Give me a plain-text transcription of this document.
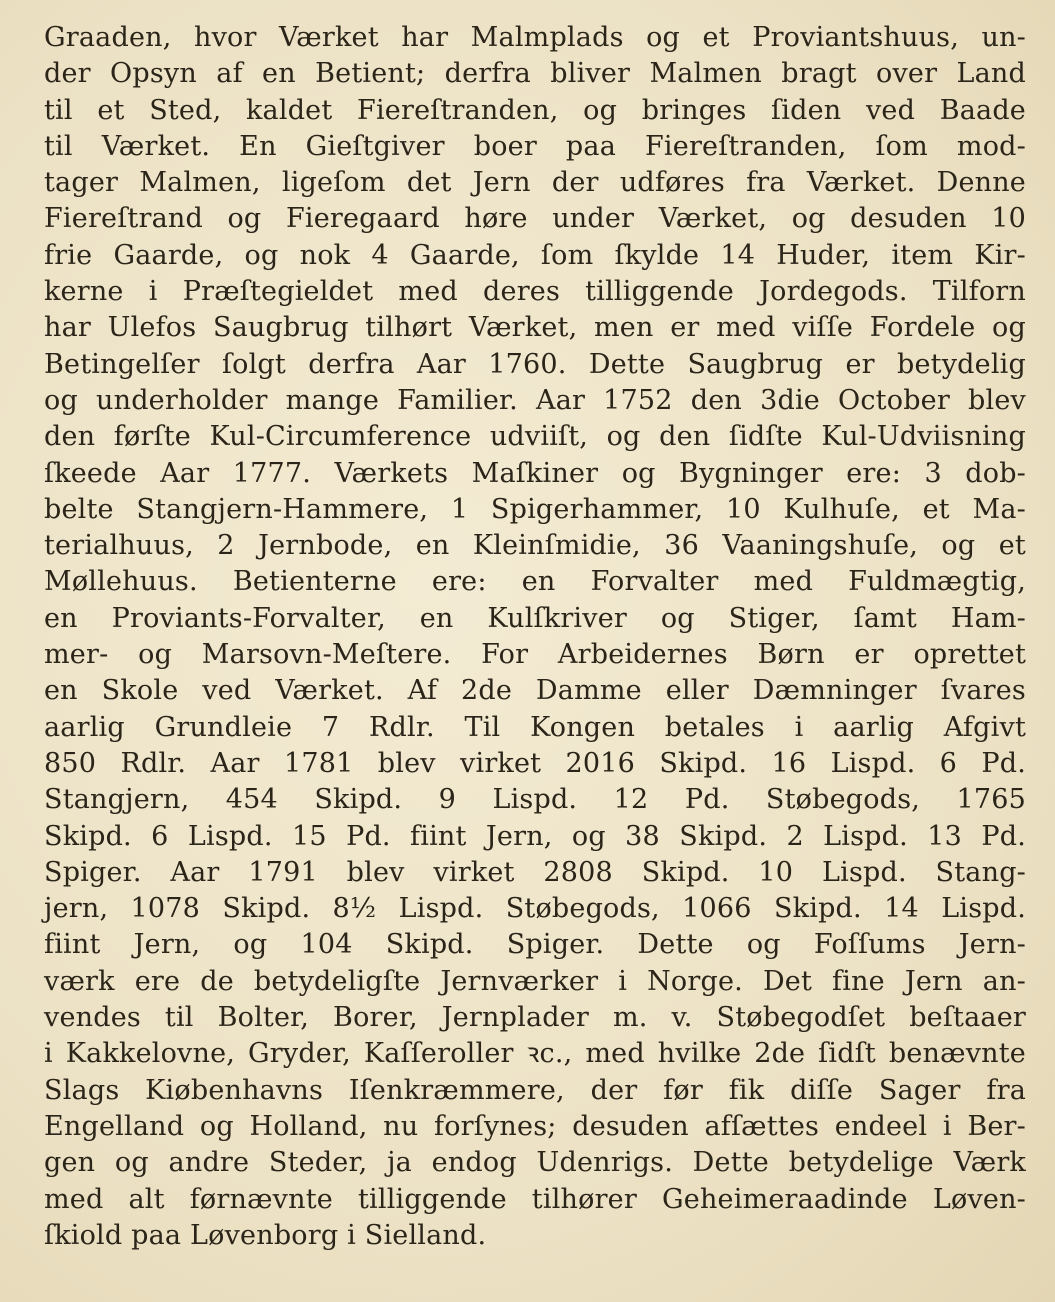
Graaden, hvor Værket har Malmplads og et Proviantshuus, un-
der Opsyn af en Betient; derfra bliver Malmen bragt over Land
til et Sted, kaldet Fiereſtranden, og bringes ſiden ved Baade
til Værket. En Gieſtgiver boer paa Fiereſtranden, ſom mod-
tager Malmen, ligeſom det Jern der udføres fra Værket. Denne
Fiereſtrand og Fieregaard høre under Værket, og desuden 10
frie Gaarde, og nok 4 Gaarde, ſom ſkylde 14 Huder, item Kir-
kerne i Præſtegieldet med deres tilliggende Jordegods. Tilforn
har Ulefos Saugbrug tilhørt Værket, men er med viſſe Fordele og
Betingelſer ſolgt derfra Aar 1760. Dette Saugbrug er betydelig
og underholder mange Familier. Aar 1752 den 3die October blev
den førſte Kul-Circumference udviiſt, og den ſidſte Kul-Udviisning
ſkeede Aar 1777. Værkets Maſkiner og Bygninger ere: 3 dob-
belte Stangjern-Hammere, 1 Spigerhammer, 10 Kulhuſe, et Ma-
terialhuus, 2 Jernbode, en Kleinſmidie, 36 Vaaningshuſe, og et
Møllehuus. Betienterne ere: en Forvalter med Fuldmægtig,
en Proviants-Forvalter, en Kulſkriver og Stiger, ſamt Ham-
mer- og Marsovn-Meſtere. For Arbeidernes Børn er oprettet
en Skole ved Værket. Af 2de Damme eller Dæmninger ſvares
aarlig Grundleie 7 Rdlr. Til Kongen betales i aarlig Afgivt
850 Rdlr. Aar 1781 blev virket 2016 Skipd. 16 Lispd. 6 Pd.
Stangjern, 454 Skipd. 9 Lispd. 12 Pd. Støbegods, 1765
Skipd. 6 Lispd. 15 Pd. fiint Jern, og 38 Skipd. 2 Lispd. 13 Pd.
Spiger. Aar 1791 blev virket 2808 Skipd. 10 Lispd. Stang-
jern, 1078 Skipd. 8½ Lispd. Støbegods, 1066 Skipd. 14 Lispd.
fiint Jern, og 104 Skipd. Spiger. Dette og Foſſums Jern-
værk ere de betydeligſte Jernværker i Norge. Det fine Jern an-
vendes til Bolter, Borer, Jernplader m. v. Støbegodſet beſtaaer
i Kakkelovne, Gryder, Kaſſeroller ꝛc., med hvilke 2de ſidſt benævnte
Slags Kiøbenhavns Iſenkræmmere, der før fik diſſe Sager fra
Engelland og Holland, nu forſynes; desuden afſættes endeel i Ber-
gen og andre Steder, ja endog Udenrigs. Dette betydelige Værk
med alt førnævnte tilliggende tilhører Geheimeraadinde Løven-
ſkiold paa Løvenborg i Sielland.
